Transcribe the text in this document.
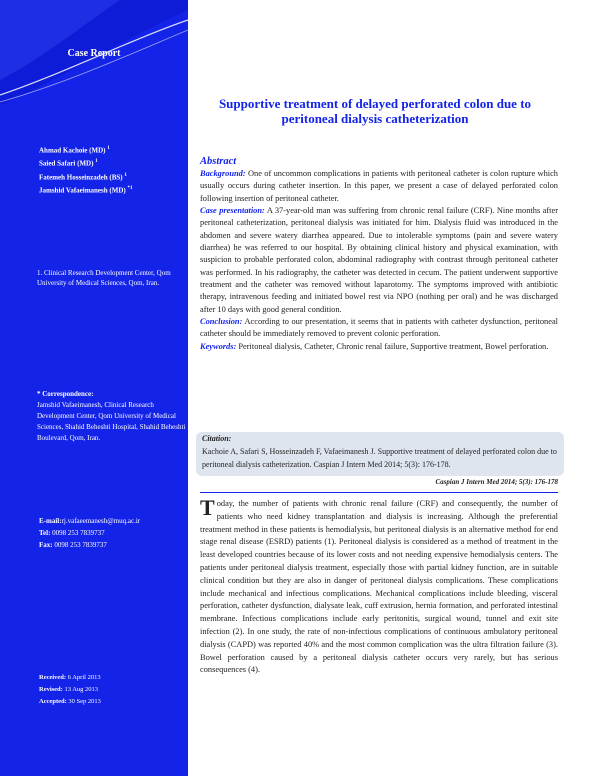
Case Report
Ahmad Kachoie (MD) $^1$
Saied Safari (MD) $^1$
Fatemeh Hosseinzadeh (BS) $^1$
Jamshid Vafaeimanesh (MD) $^{*1}$
1. Clinical Research Development Center, Qom University of Medical Sciences, Qom, Iran.
* Correspondence:
Jamshid Vafaeimanesh, Clinical Research Development Center, Qom University of Medical Sciences, Shahid Beheshti Hospital, Shahid Beheshti Boulevard, Qom, Iran.
E-mail:rj.vafaeemanesh@muq.ac.ir
Tel: 0098 253 7839737
Fax: 0098 253 7839737
Received: 6 April 2013
Revised: 13 Aug 2013
Accepted: 30 Sep 2013
Supportive treatment of delayed perforated colon due to peritoneal dialysis catheterization
Abstract

Background: One of uncommon complications in patients with peritoneal catheter is colon rupture which usually occurs during catheter insertion. In this paper, we present a case of delayed perforated colon following insertion of peritoneal catheter.

Case presentation: A 37-year-old man was suffering from chronic renal failure (CRF). Nine months after peritoneal catheterization, peritoneal dialysis was initiated for him. Dialysis fluid was introduced in the abdomen and severe watery diarrhea appeared. Due to intolerable symptoms (pain and severe watery diarrhea) he was referred to our hospital. By obtaining clinical history and physical examination, with suspicion to probable perforated colon, abdominal radiography with contrast through peritoneal catheter was performed. In his radiography, the catheter was detected in cecum. The patient underwent supportive treatment and the catheter was removed without laparotomy. The symptoms improved with antibiotic therapy, intravenous feeding and initiated bowel rest via NPO (nothing per oral) and he was discharged after 10 days with good general condition.

Conclusion: According to our presentation, it seems that in patients with catheter dysfunction, peritoneal catheter should be immediately removed to prevent colonic perforation.

Keywords: Peritoneal dialysis, Catheter, Chronic renal failure, Supportive treatment, Bowel perforation.

Citation:
Kachoie A, Safari S, Hosseinzadeh F, Vafaeimanesh J. Supportive treatment of delayed perforated colon due to peritoneal dialysis catheterization. Caspian J Intern Med 2014; 5(3): 176-178.
Caspian J Intern Med 2014; 5(3): 176-178

Today, the number of patients with chronic renal failure (CRF) and consequently, the number of patients who need kidney transplantation and dialysis is increasing. Although the preferential treatment method in these patients is hemodialysis, but peritoneal dialysis is an alternative method for end stage renal disease (ESRD) patients (1). Peritoneal dialysis is considered as a method of treatment in the least developed countries because of its lower costs and not needing expensive hemodialysis centers. The patients under peritoneal dialysis treatment, especially those with partial kidney function, are in suitable clinical condition but they are also in danger of peritoneal dialysis complications. These complications include mechanical and infectious complications. Mechanical complications include bleeding, visceral perforation, catheter dysfunction, dialysate leak, cuff extrusion, hernia formation, and perforated intestinal membrane. Infectious complications include early peritonitis, surgical wound, tunnel and exit site infection (2). In one study, the rate of non-infectious complications of continuous ambulatory peritoneal dialysis (CAPD) was reported 40% and the most common complication was the ultra filtration failure (3). Bowel perforation caused by a peritoneal dialysis catheter occurs very rarely, but has serious consequences (4).
